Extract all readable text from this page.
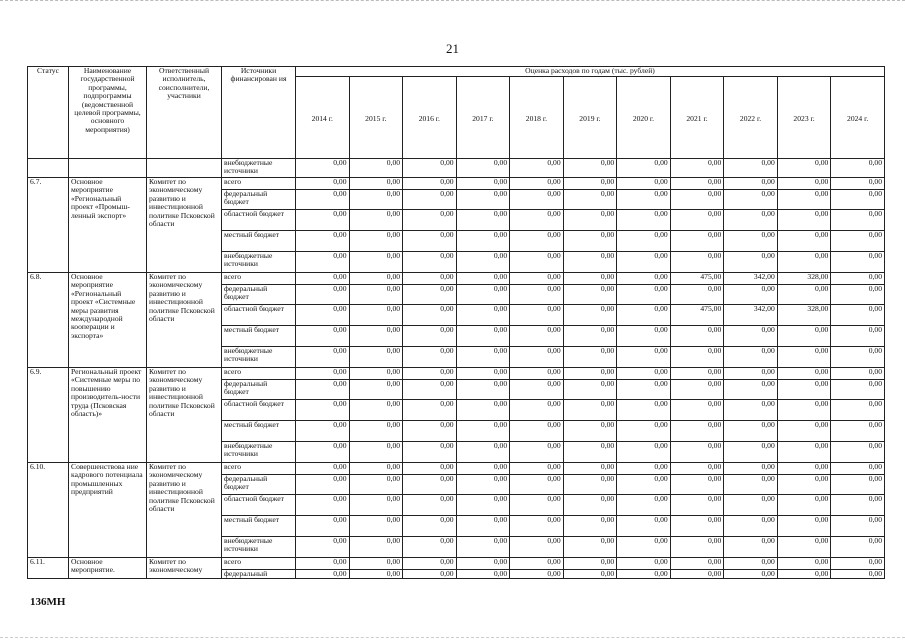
21
Статус	Наименование государственной программы, подпрограммы (ведомственной целевой программы, основного мероприятия)	Ответственный исполнитель, соисполнители, участники	Источники финансирован ия	Оценка расходов по годам (тыс. рублей)										
				2014 г.	2015 г.	2016 г.	2017 г.	2018 г.	2019 г.	2020 г.	2021 г.	2022 г.	2023 г.	2024 г.
			внебюджетные источники	0,00	0,00	0,00	0,00	0,00	0,00	0,00	0,00	0,00	0,00	0,00
6.7.	Основное мероприятие «Региональный проект «Промыш-ленный экспорт»	Комитет по экономическому развитию и инвестиционной политике Псковской области	всего	0,00	0,00	0,00	0,00	0,00	0,00	0,00	0,00	0,00	0,00	0,00
			федеральный бюджет	0,00	0,00	0,00	0,00	0,00	0,00	0,00	0,00	0,00	0,00	0,00
			областной бюджет	0,00	0,00	0,00	0,00	0,00	0,00	0,00	0,00	0,00	0,00	0,00
			местный бюджет	0,00	0,00	0,00	0,00	0,00	0,00	0,00	0,00	0,00	0,00	0,00
			внебюджетные источники	0,00	0,00	0,00	0,00	0,00	0,00	0,00	0,00	0,00	0,00	0,00
6.8.	Основное мероприятие «Региональный проект «Системные меры развития международной кооперации и экспорта»	Комитет по экономическому развитию и инвестиционной политике Псковской области	всего	0,00	0,00	0,00	0,00	0,00	0,00	0,00	475,00	342,00	328,00	0,00
			федеральный бюджет	0,00	0,00	0,00	0,00	0,00	0,00	0,00	0,00	0,00	0,00	0,00
			областной бюджет	0,00	0,00	0,00	0,00	0,00	0,00	0,00	475,00	342,00	328,00	0,00
			местный бюджет	0,00	0,00	0,00	0,00	0,00	0,00	0,00	0,00	0,00	0,00	0,00
			внебюджетные источники	0,00	0,00	0,00	0,00	0,00	0,00	0,00	0,00	0,00	0,00	0,00
6.9.	Региональный проект «Системные меры по повышению производитель-ности труда (Псковская область)»	Комитет по экономическому развитию и инвестиционной политике Псковской области	всего	0,00	0,00	0,00	0,00	0,00	0,00	0,00	0,00	0,00	0,00	0,00
			федеральный бюджет	0,00	0,00	0,00	0,00	0,00	0,00	0,00	0,00	0,00	0,00	0,00
			областной бюджет	0,00	0,00	0,00	0,00	0,00	0,00	0,00	0,00	0,00	0,00	0,00
			местный бюджет	0,00	0,00	0,00	0,00	0,00	0,00	0,00	0,00	0,00	0,00	0,00
			внебюджетные источники	0,00	0,00	0,00	0,00	0,00	0,00	0,00	0,00	0,00	0,00	0,00
6.10.	Совершенствова ние кадрового потенциала промышленных предприятий	Комитет по экономическому развитию и инвестиционной политике Псковской области	всего	0,00	0,00	0,00	0,00	0,00	0,00	0,00	0,00	0,00	0,00	0,00
			федеральный бюджет	0,00	0,00	0,00	0,00	0,00	0,00	0,00	0,00	0,00	0,00	0,00
			областной бюджет	0,00	0,00	0,00	0,00	0,00	0,00	0,00	0,00	0,00	0,00	0,00
			местный бюджет	0,00	0,00	0,00	0,00	0,00	0,00	0,00	0,00	0,00	0,00	0,00
			внебюджетные источники	0,00	0,00	0,00	0,00	0,00	0,00	0,00	0,00	0,00	0,00	0,00
6.11.	Основное мероприятие.	Комитет по экономическому	всего	0,00	0,00	0,00	0,00	0,00	0,00	0,00	0,00	0,00	0,00	0,00
			федеральный	0,00	0,00	0,00	0,00	0,00	0,00	0,00	0,00	0,00	0,00	0,00
136МН
